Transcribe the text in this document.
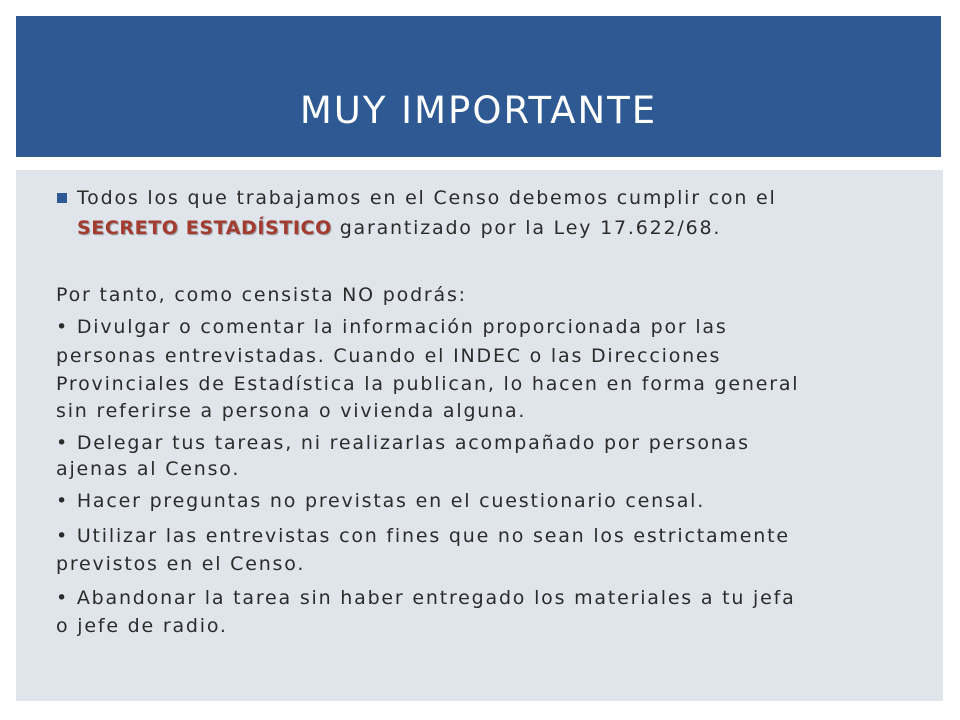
MUY IMPORTANTE

Todos los que trabajamos en el Censo debemos cumplir con el

SECRETO ESTADÍSTICO garantizado por la Ley 17.622/68.

Por tanto, como censista NO podrás:

• Divulgar o comentar la información proporcionada por las

personas entrevistadas. Cuando el INDEC o las Direcciones

Provinciales de Estadística la publican, lo hacen en forma general

sin referirse a persona o vivienda alguna.

• Delegar tus tareas, ni realizarlas acompañado por personas

ajenas al Censo.

• Hacer preguntas no previstas en el cuestionario censal.

• Utilizar las entrevistas con fines que no sean los estrictamente

previstos en el Censo.

• Abandonar la tarea sin haber entregado los materiales a tu jefa

o jefe de radio.
